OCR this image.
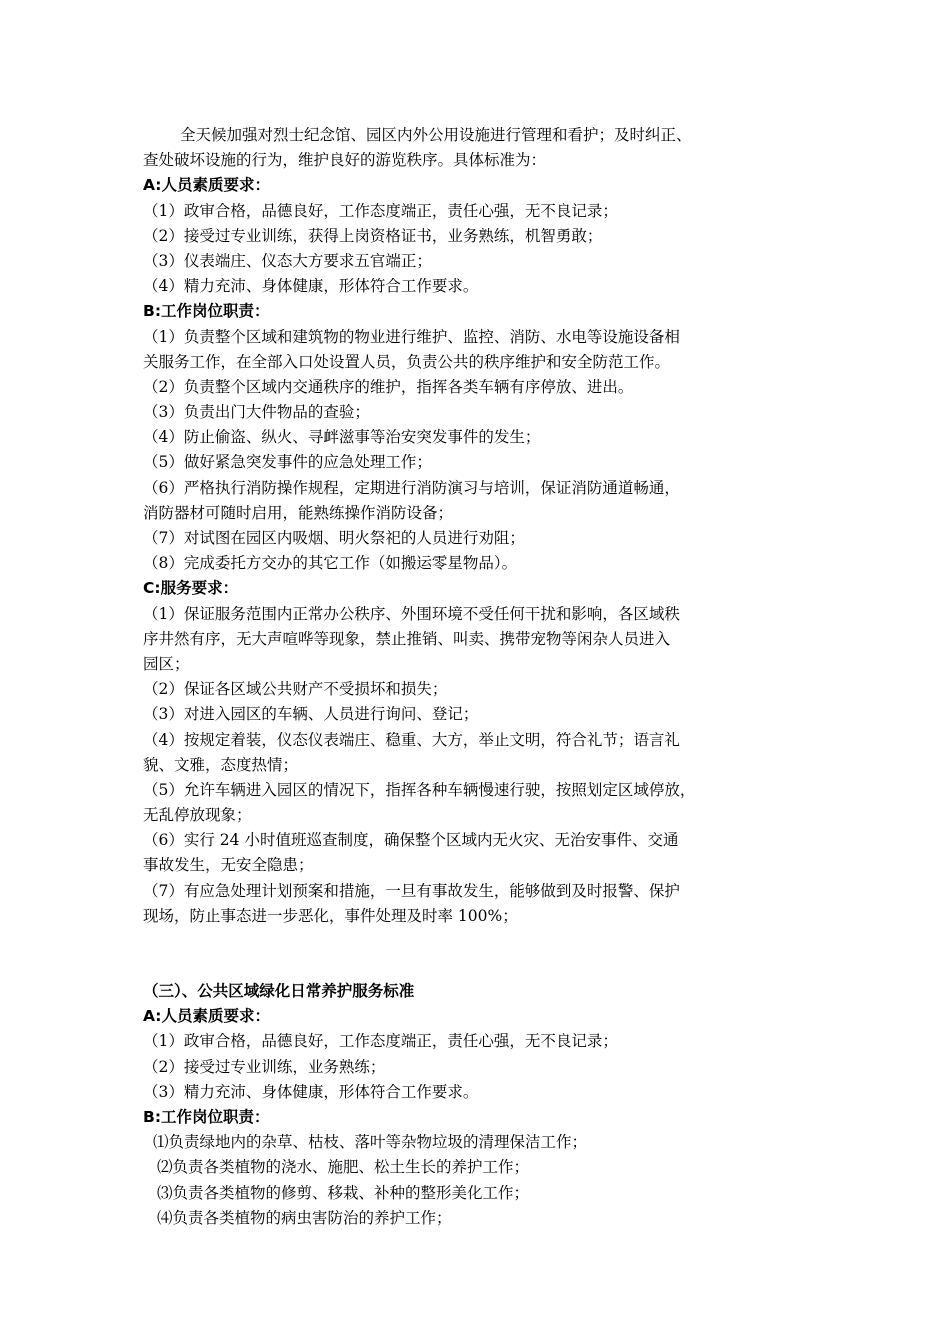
全天候加强对烈士纪念馆、园区内外公用设施进行管理和看护；及时纠正、
查处破坏设施的行为，维护良好的游览秩序。具体标准为：
A:人员素质要求：
（1）政审合格，品德良好，工作态度端正，责任心强，无不良记录；
（2）接受过专业训练，获得上岗资格证书，业务熟练，机智勇敢；
（3）仪表端庄、仪态大方要求五官端正；
（4）精力充沛、身体健康，形体符合工作要求。
B:工作岗位职责：
（1）负责整个区域和建筑物的物业进行维护、监控、消防、水电等设施设备相
关服务工作，在全部入口处设置人员，负责公共的秩序维护和安全防范工作。
（2）负责整个区域内交通秩序的维护，指挥各类车辆有序停放、进出。
（3）负责出门大件物品的查验；
（4）防止偷盗、纵火、寻衅滋事等治安突发事件的发生；
（5）做好紧急突发事件的应急处理工作；
（6）严格执行消防操作规程，定期进行消防演习与培训，保证消防通道畅通，
消防器材可随时启用，能熟练操作消防设备；
（7）对试图在园区内吸烟、明火祭祀的人员进行劝阻；
（8）完成委托方交办的其它工作（如搬运零星物品）。
C:服务要求：
（1）保证服务范围内正常办公秩序、外围环境不受任何干扰和影响，各区域秩
序井然有序，无大声喧哗等现象，禁止推销、叫卖、携带宠物等闲杂人员进入
园区；
（2）保证各区域公共财产不受损坏和损失；
（3）对进入园区的车辆、人员进行询问、登记；
（4）按规定着装，仪态仪表端庄、稳重、大方，举止文明，符合礼节；语言礼
貌、文雅，态度热情；
（5）允许车辆进入园区的情况下，指挥各种车辆慢速行驶，按照划定区域停放，
无乱停放现象；
（6）实行 24 小时值班巡查制度，确保整个区域内无火灾、无治安事件、交通
事故发生，无安全隐患；
（7）有应急处理计划预案和措施，一旦有事故发生，能够做到及时报警、保护
现场，防止事态进一步恶化，事件处理及时率 100%；
（三）、公共区域绿化日常养护服务标准
A:人员素质要求：
（1）政审合格，品德良好，工作态度端正，责任心强，无不良记录；
（2）接受过专业训练，业务熟练；
（3）精力充沛、身体健康，形体符合工作要求。
B:工作岗位职责：
⑴负责绿地内的杂草、枯枝、落叶等杂物垃圾的清理保洁工作；
⑵负责各类植物的浇水、施肥、松土生长的养护工作；
⑶负责各类植物的修剪、移栽、补种的整形美化工作；
⑷负责各类植物的病虫害防治的养护工作；
